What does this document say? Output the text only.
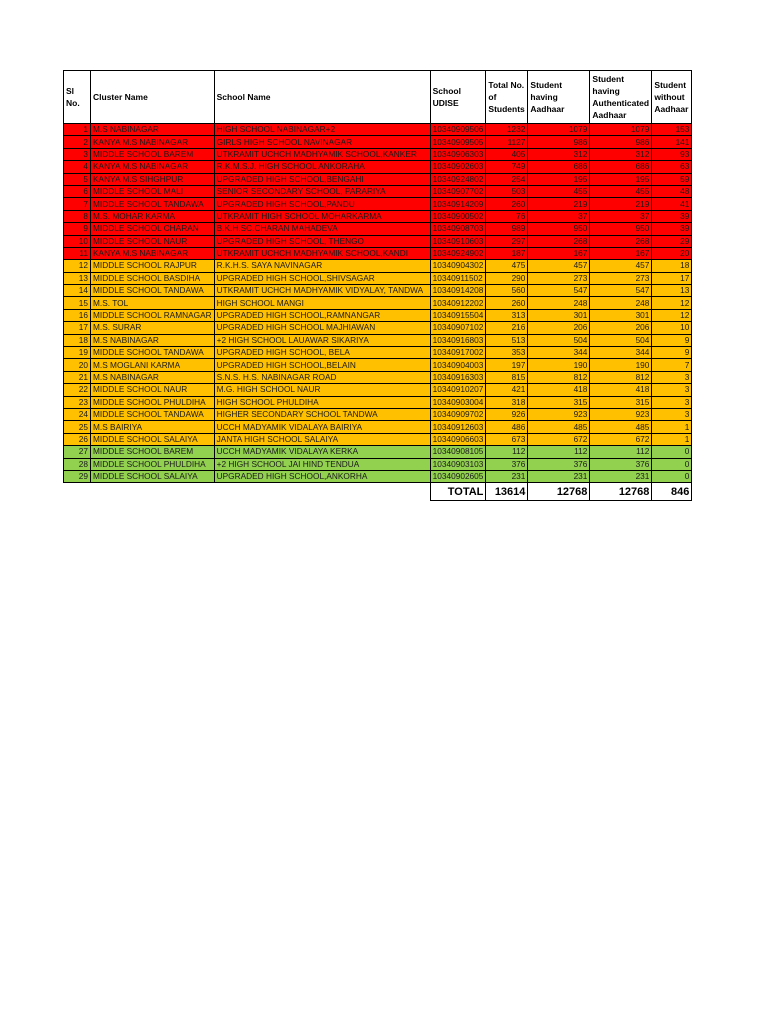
Sl No.	Cluster Name	School Name	School UDISE	Total No. of Students	Student having Aadhaar	Student having Authenticated Aadhaar	Student without Aadhaar
1	M.S NABINAGAR	HIGH SCHOOL NABINAGAR+2	10340909506	1232	1079	1079	153
2	KANYA M.S NABINAGAR	GIRLS HIGH SCHOOL NAVINAGAR	10340909505	1127	986	986	141
3	MIDDLE SCHOOL BAREM	UTKRAMIT UCHCH MADHYAMIK SCHOOL,KANKER	10340906303	405	312	312	93
4	KANYA M.S NABINAGAR	R.K.M.S.J. HIGH SCHOOL ANKORAHA	10340902603	749	686	686	63
5	KANYA M.S SIHGHPUR	UPGRADED HIGH SCHOOL,BENGAHI	10340924802	254	195	195	59
6	MIDDLE SCHOOL MALI	SENIOR SECONDARY SCHOOL, PARARIYA	10340907702	503	455	455	48
7	MIDDLE SCHOOL TANDAWA	UPGRADED HIGH SCHOOL,PANDU	10340914209	260	219	219	41
8	M.S. MOHAR KARMA	UTKRAMIT HIGH SCHOOL MOHARKARMA	10340900502	76	37	37	39
9	MIDDLE SCHOOL CHARAN	B.K.H.SC.CHARAN MAHADEVA	10340908703	989	950	950	39
10	MIDDLE SCHOOL NAUR	UPGRADED HIGH SCHOOL, THENGO	10340910603	297	268	268	29
11	KANYA M.S NABINAGAR	UTKRAMIT UCHCH MADHYAMIK SCHOOL,KANDI	10340924902	187	167	167	20
12	MIDDLE SCHOOL RAJPUR	R.K.H.S. SAYA NAVINAGAR	10340904302	475	457	457	18
13	MIDDLE SCHOOL BASDIHA	UPGRADED HIGH SCHOOL,SHIVSAGAR	10340911502	290	273	273	17
14	MIDDLE SCHOOL TANDAWA	UTKRAMIT UCHCH MADHYAMIK VIDYALAY, TANDWA	10340914208	560	547	547	13
15	M.S. TOL	HIGH SCHOOL MANGI	10340912202	260	248	248	12
16	MIDDLE SCHOOL RAMNAGAR	UPGRADED HIGH SCHOOL,RAMNANGAR	10340915504	313	301	301	12
17	M.S. SURAR	UPGRADED HIGH SCHOOL MAJHIAWAN	10340907102	216	206	206	10
18	M.S NABINAGAR	+2 HIGH SCHOOL LAUAWAR SIKARIYA	10340916803	513	504	504	9
19	MIDDLE SCHOOL TANDAWA	UPGRADED HIGH SCHOOL, BELA	10340917002	353	344	344	9
20	M.S MOGLANI KARMA	UPGRADED HIGH SCHOOL,BELAIN	10340904003	197	190	190	7
21	M.S NABINAGAR	S.N.S. H.S. NABINAGAR ROAD	10340916303	815	812	812	3
22	MIDDLE SCHOOL NAUR	M.G. HIGH SCHOOL NAUR	10340910207	421	418	418	3
23	MIDDLE SCHOOL PHULDIHA	HIGH SCHOOL PHULDIHA	10340903004	318	315	315	3
24	MIDDLE SCHOOL TANDAWA	HIGHER SECONDARY SCHOOL TANDWA	10340909702	926	923	923	3
25	M.S BAIRIYA	UCCH MADYAMIK VIDALAYA BAIRIYA	10340912603	486	485	485	1
26	MIDDLE SCHOOL SALAIYA	JANTA HIGH SCHOOL SALAIYA	10340906603	673	672	672	1
27	MIDDLE SCHOOL BAREM	UCCH MADYAMIK VIDALAYA KERKA	10340908105	112	112	112	0
28	MIDDLE SCHOOL PHULDIHA	+2 HIGH SCHOOL JAI HIND TENDUA	10340903103	376	376	376	0
29	MIDDLE SCHOOL SALAIYA	UPGRADED HIGH SCHOOL,ANKORHA	10340902605	231	231	231	0
			TOTAL	13614	12768	12768	846
